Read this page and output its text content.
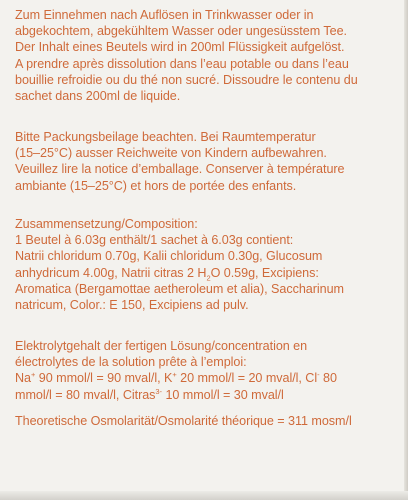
Zum Einnehmen nach Auflösen in Trinkwasser oder in
abgekochtem, abgekühltem Wasser oder ungesüsstem Tee.
Der Inhalt eines Beutels wird in 200ml Flüssigkeit aufgelöst.
A prendre après dissolution dans l’eau potable ou dans l’eau
bouillie refroidie ou du thé non sucré. Dissoudre le contenu du
sachet dans 200ml de liquide.
Bitte Packungsbeilage beachten. Bei Raumtemperatur
(15–25°C) ausser Reichweite von Kindern aufbewahren.
Veuillez lire la notice d’emballage. Conserver à température
ambiante (15–25°C) et hors de portée des enfants.
Zusammensetzung/Composition:
1 Beutel à 6.03g enthält/1 sachet à 6.03g contient:
Natrii chloridum 0.70g, Kalii chloridum 0.30g, Glucosum
anhydricum 4.00g, Natrii citras 2 $H_2O$ 0.59g, Excipiens:
Aromatica (Bergamottae aetheroleum et alia), Saccharinum
natricum, Color.: E 150, Excipiens ad pulv.
Elektrolytgehalt der fertigen Lösung/concentration en
électrolytes de la solution prête à l’emploi:
Na+ 90 mmol/l = 90 mval/l, K+ 20 mmol/l = 20 mval/l, Cl- 80
mmol/l = 80 mval/l, Citras$^{3-}$ 10 mmol/l = 30 mval/l
Theoretische Osmolarität/Osmolarité théorique = 311 mosm/l
